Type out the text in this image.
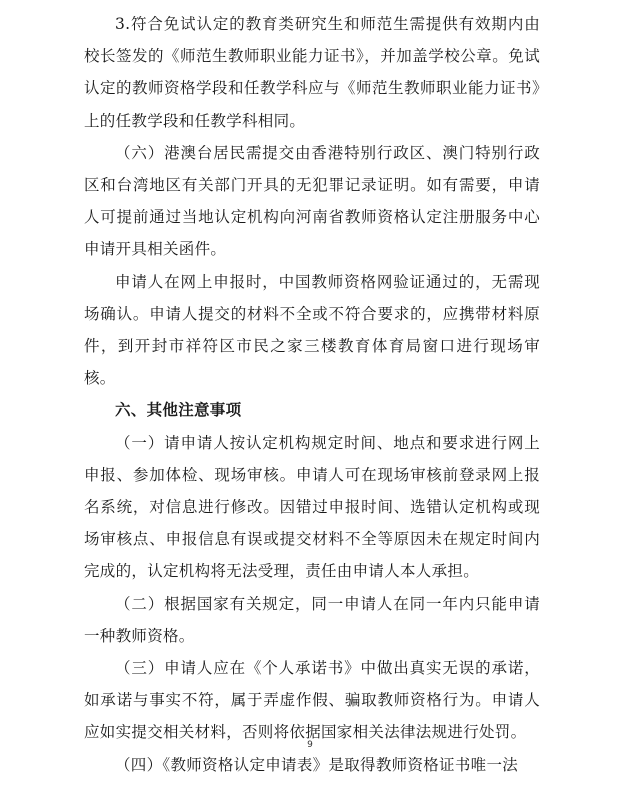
3.符合免试认定的教育类研究生和师范生需提供有效期内由校长签发的《师范生教师职业能力证书》，并加盖学校公章。免试认定的教师资格学段和任教学科应与《师范生教师职业能力证书》上的任教学段和任教学科相同。

（六）港澳台居民需提交由香港特别行政区、澳门特别行政区和台湾地区有关部门开具的无犯罪记录证明。如有需要，申请人可提前通过当地认定机构向河南省教师资格认定注册服务中心申请开具相关函件。

申请人在网上申报时，中国教师资格网验证通过的，无需现场确认。申请人提交的材料不全或不符合要求的，应携带材料原件，到开封市祥符区市民之家三楼教育体育局窗口进行现场审核。

六、其他注意事项

（一）请申请人按认定机构规定时间、地点和要求进行网上申报、参加体检、现场审核。申请人可在现场审核前登录网上报名系统，对信息进行修改。因错过申报时间、选错认定机构或现场审核点、申报信息有误或提交材料不全等原因未在规定时间内完成的，认定机构将无法受理，责任由申请人本人承担。

（二）根据国家有关规定，同一申请人在同一年内只能申请一种教师资格。

（三）申请人应在《个人承诺书》中做出真实无误的承诺，如承诺与事实不符，属于弄虚作假、骗取教师资格行为。申请人应如实提交相关材料，否则将依据国家相关法律法规进行处罚。

（四）《教师资格认定申请表》是取得教师资格证书唯一法

9
